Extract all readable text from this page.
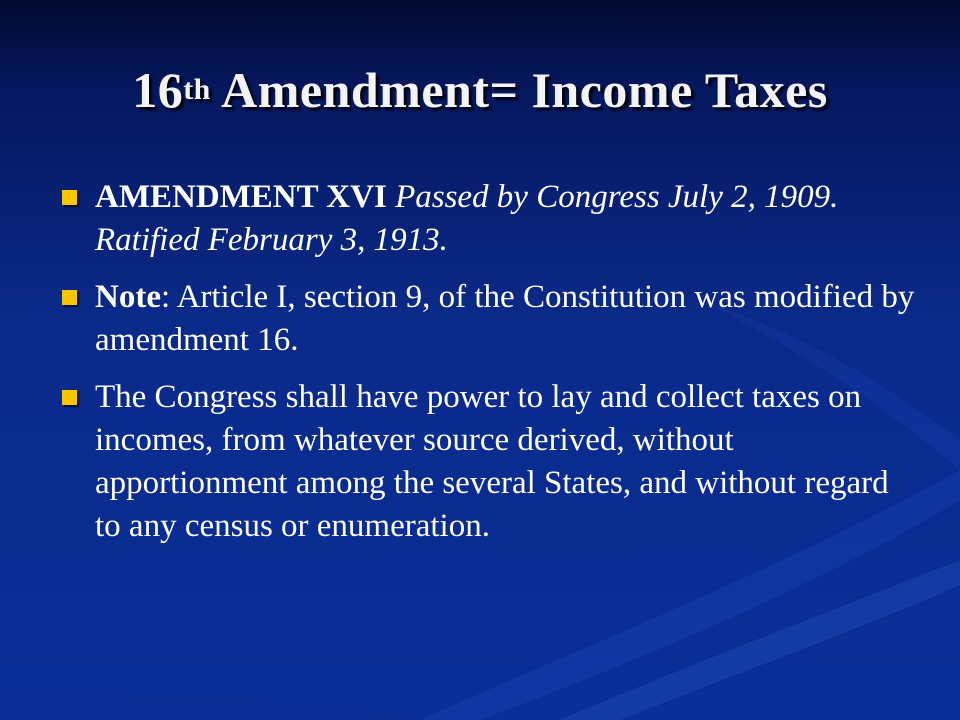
16th Amendment= Income Taxes
AMENDMENT XVI Passed by Congress July 2, 1909. Ratified February 3, 1913.
Note: Article I, section 9, of the Constitution was modified by amendment 16.
The Congress shall have power to lay and collect taxes on incomes, from whatever source derived, without apportionment among the several States, and without regard to any census or enumeration.
